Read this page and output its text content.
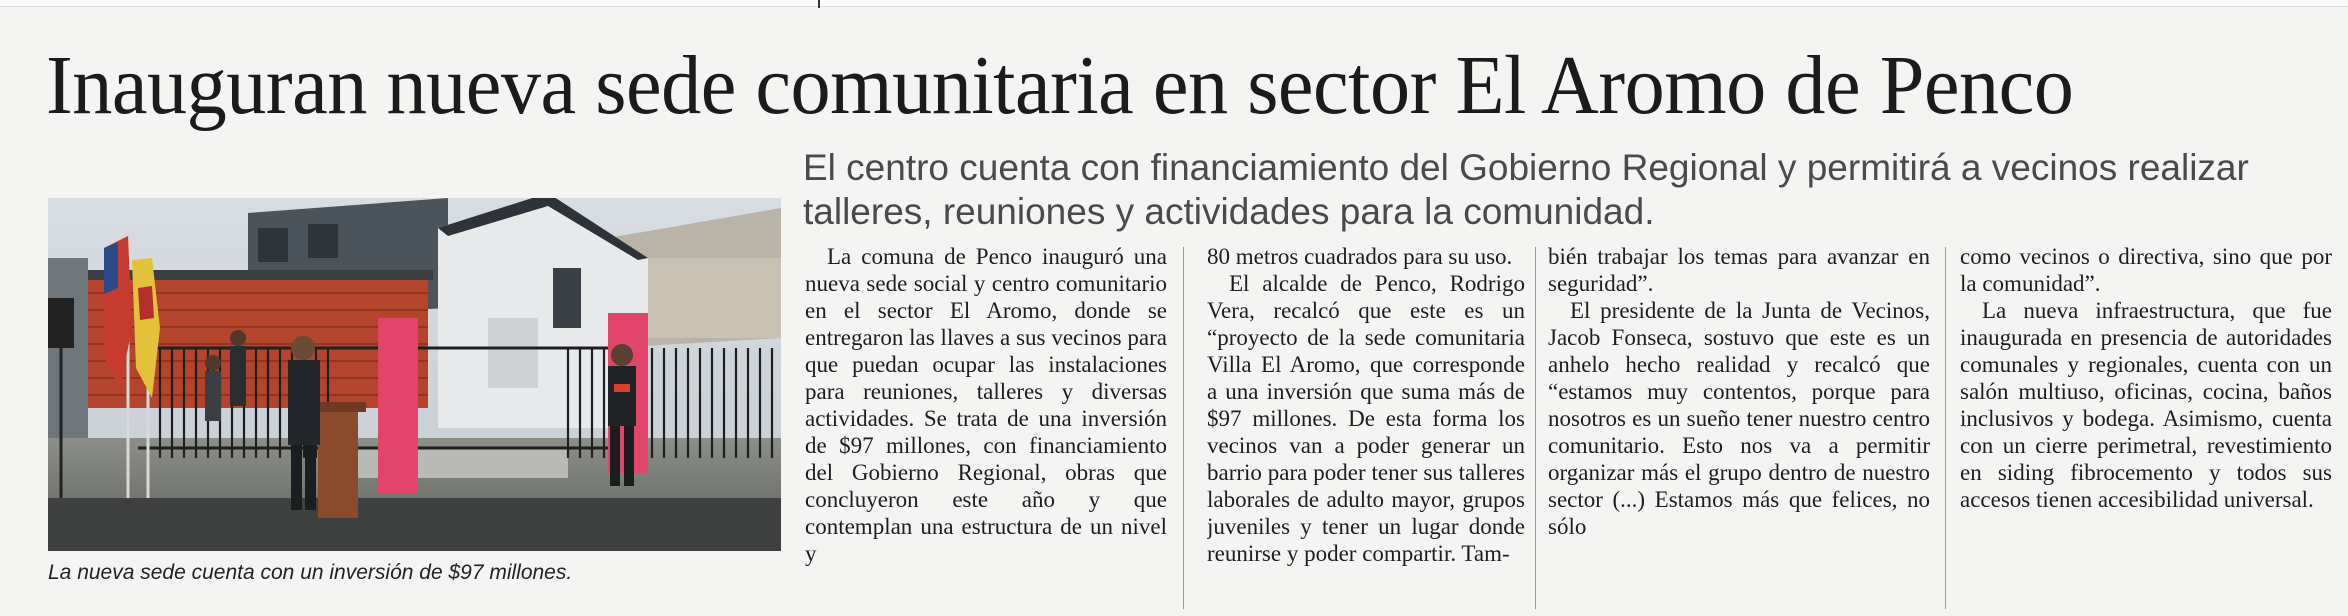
Inauguran nueva sede comunitaria en sector El Aromo de Penco
El centro cuenta con financiamiento del Gobierno Regional y permitirá a vecinos realizar talleres, reuniones y actividades para la comunidad.
La nueva sede cuenta con un inversión de $97 millones.

La comuna de Penco inauguró una nueva sede social y centro comunitario en el sector El Aromo, donde se entregaron las llaves a sus vecinos para que puedan ocupar las instalaciones para reuniones, talleres y diversas actividades. Se trata de una inversión de $97 millones, con financiamiento del Gobierno Regional, obras que concluyeron este año y que contemplan una estructura de un nivel y

80 metros cuadrados para su uso.

El alcalde de Penco, Rodrigo Vera, recalcó que este es un “proyecto de la sede comunitaria Villa El Aromo, que corresponde a una inversión que suma más de $97 millones. De esta forma los vecinos van a poder generar un barrio para poder tener sus talleres laborales de adulto mayor, grupos juveniles y tener un lugar donde reunirse y poder compartir. Tam-

bién trabajar los temas para avanzar en seguridad”.

El presidente de la Junta de Vecinos, Jacob Fonseca, sostuvo que este es un anhelo hecho realidad y recalcó que “estamos muy contentos, porque para nosotros es un sueño tener nuestro centro comunitario. Esto nos va a permitir organizar más el grupo dentro de nuestro sector (...) Estamos más que felices, no sólo

como vecinos o directiva, sino que por la comunidad”.

La nueva infraestructura, que fue inaugurada en presencia de autoridades comunales y regionales, cuenta con un salón multiuso, oficinas, cocina, baños inclusivos y bodega. Asimismo, cuenta con un cierre perimetral, revestimiento en siding fibrocemento y todos sus accesos tienen accesibilidad universal.
